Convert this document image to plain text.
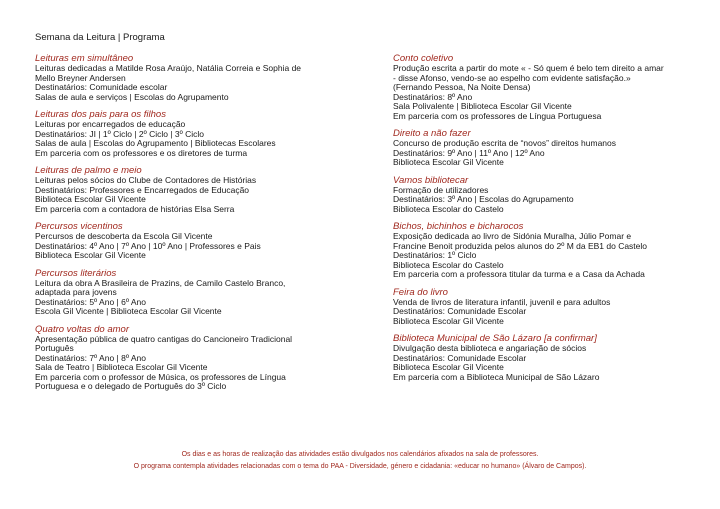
Semana da Leitura | Programa
Leituras em simultâneo
Leituras dedicadas a Matilde Rosa Araújo, Natália Correia e Sophia de
Mello Breyner Andersen
Destinatários: Comunidade escolar
Salas de aula e serviços | Escolas do Agrupamento
Leituras dos pais para os filhos
Leituras por encarregados de educação
Destinatários: JI | 1º Ciclo | 2º Ciclo | 3º Ciclo
Salas de aula | Escolas do Agrupamento | Bibliotecas Escolares
Em parceria com os professores e os diretores de turma
Leituras de palmo e meio
Leituras pelos sócios do Clube de Contadores de Histórias
Destinatários: Professores e Encarregados de Educação
Biblioteca Escolar Gil Vicente
Em parceria com a contadora de histórias Elsa Serra
Percursos vicentinos
Percursos de descoberta da Escola Gil Vicente
Destinatários: 4º Ano | 7º Ano | 10º Ano | Professores e Pais
Biblioteca Escolar Gil Vicente
Percursos literários
Leitura da obra A Brasileira de Prazins, de Camilo Castelo Branco,
adaptada para jovens
Destinatários: 5º Ano | 6º Ano
Escola Gil Vicente | Biblioteca Escolar Gil Vicente
Quatro voltas do amor
Apresentação pública de quatro cantigas do Cancioneiro Tradicional
Português
Destinatários: 7º Ano | 8º Ano
Sala de Teatro | Biblioteca Escolar Gil Vicente
Em parceria com o professor de Música, os professores de Língua
Portuguesa e o delegado de Português do 3º Ciclo
Conto coletivo
Produção escrita a partir do mote « - Só quem é belo tem direito a amar
- disse Afonso, vendo-se ao espelho com evidente satisfação.»
(Fernando Pessoa, Na Noite Densa)
Destinatários: 8º Ano
Sala Polivalente | Biblioteca Escolar Gil Vicente
Em parceria com os professores de Língua Portuguesa
Direito a não fazer
Concurso de produção escrita de “novos” direitos humanos
Destinatários: 9º Ano | 11º Ano | 12º Ano
Biblioteca Escolar Gil Vicente
Vamos bibliotecar
Formação de utilizadores
Destinatários: 3º Ano | Escolas do Agrupamento
Biblioteca Escolar do Castelo
Bichos, bichinhos e bicharocos
Exposição dedicada ao livro de Sidónia Muralha, Júlio Pomar e
Francine Benoit produzida pelos alunos do 2º M da EB1 do Castelo
Destinatários: 1º Ciclo
Biblioteca Escolar do Castelo
Em parceria com a professora titular da turma e a Casa da Achada
Feira do livro
Venda de livros de literatura infantil, juvenil e para adultos
Destinatários: Comunidade Escolar
Biblioteca Escolar Gil Vicente
Biblioteca Municipal de São Lázaro [a confirmar]
Divulgação desta biblioteca e angariação de sócios
Destinatários: Comunidade Escolar
Biblioteca Escolar Gil Vicente
Em parceria com a Biblioteca Municipal de São Lázaro
Os dias e as horas de realização das atividades estão divulgados nos calendários afixados na sala de professores.
O programa contempla atividades relacionadas com o tema do PAA - Diversidade, género e cidadania: «educar no humano» (Álvaro de Campos).
